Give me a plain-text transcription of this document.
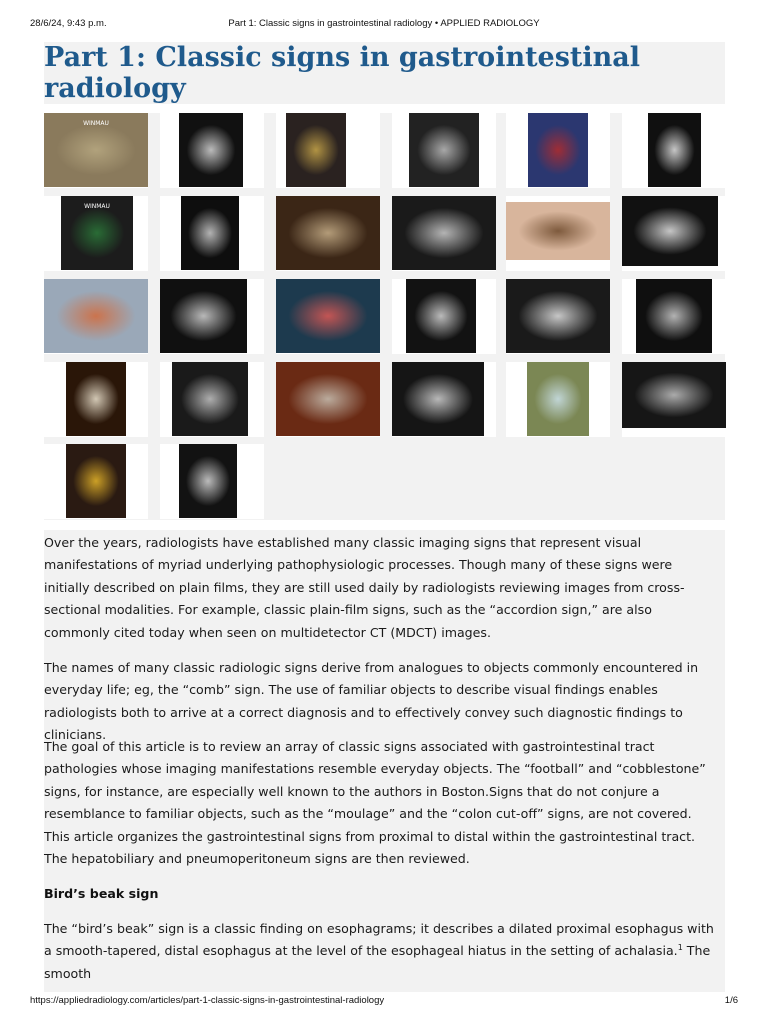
28/6/24, 9:43 p.m.	Part 1: Classic signs in gastrointestinal radiology • APPLIED RADIOLOGY
Part 1: Classic signs in gastrointestinal radiology
WINMAU
WINMAU

Over the years, radiologists have established many classic imaging signs that represent visual manifestations of myriad underlying pathophysiologic processes. Though many of these signs were initially described on plain films, they are still used daily by radiologists reviewing images from cross-sectional modalities. For example, classic plain-film signs, such as the “accordion sign,” are also commonly cited today when seen on multidetector CT (MDCT) images.

The names of many classic radiologic signs derive from analogues to objects commonly encountered in everyday life; eg, the “comb” sign. The use of familiar objects to describe visual findings enables radiologists both to arrive at a correct diagnosis and to effectively convey such diagnostic findings to clinicians.

The goal of this article is to review an array of classic signs associated with gastrointestinal tract pathologies whose imaging manifestations resemble everyday objects. The “football” and “cobblestone” signs, for instance, are especially well known to the authors in Boston.Signs that do not conjure a resemblance to familiar objects, such as the “moulage” and the “colon cut-off” signs, are not covered. This article organizes the gastrointestinal signs from proximal to distal within the gastrointestinal tract. The hepatobiliary and pneumoperitoneum signs are then reviewed.

Bird’s beak sign

The “bird’s beak” sign is a classic finding on esophagrams; it describes a dilated proximal esophagus with a smooth-tapered, distal esophagus at the level of the esophageal hiatus in the setting of achalasia.$^1$ The smooth

https://appliedradiology.com/articles/part-1-classic-signs-in-gastrointestinal-radiology	1/6
